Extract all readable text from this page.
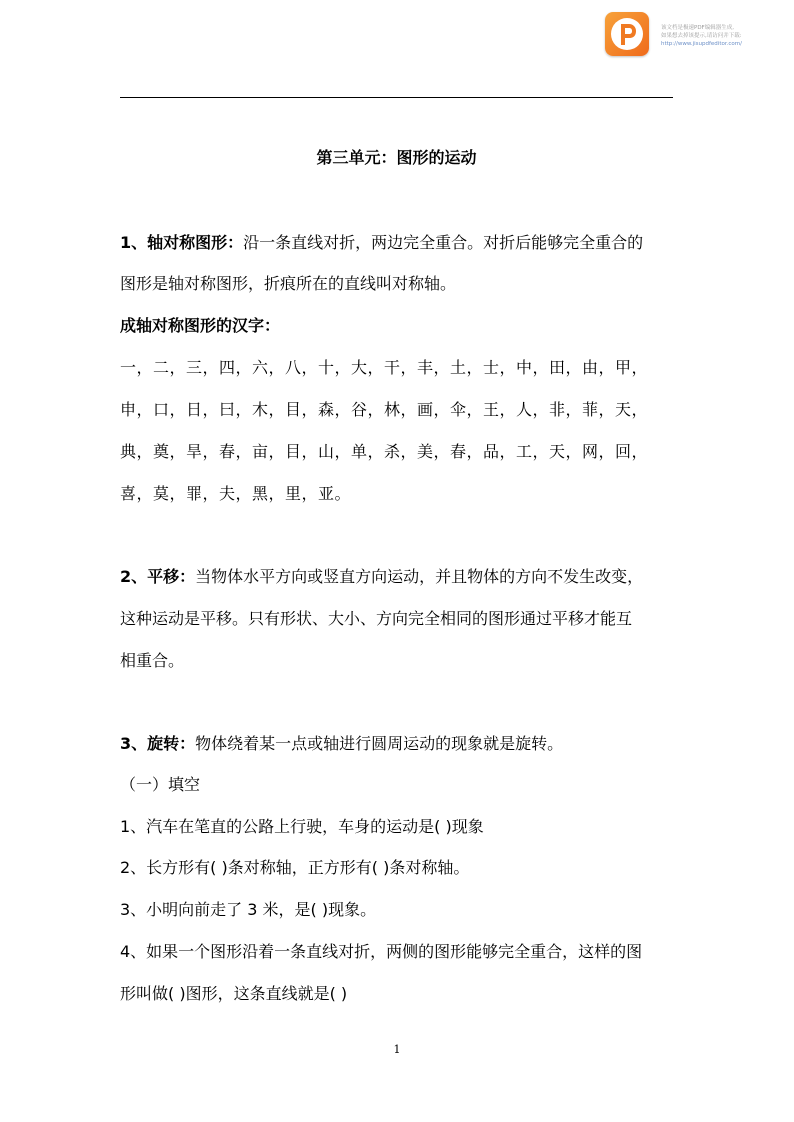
该文档是极速PDF编辑器生成,
如果想去掉该提示,请访问并下载:
http://www.jisupdfeditor.com/
第三单元：图形的运动
1、轴对称图形：沿一条直线对折，两边完全重合。对折后能够完全重合的
图形是轴对称图形，折痕所在的直线叫对称轴。
成轴对称图形的汉字：
一，二，三，四，六，八，十，大，干，丰，土，士，中，田，由，甲，
申，口，日，曰，木，目，森，谷，林，画，伞，王，人，非，菲，天，
典，奠，旱，春，亩，目，山，单，杀，美，春，品，工，天，网，回，
喜，莫，罪，夫，黑，里，亚。
2、平移：当物体水平方向或竖直方向运动，并且物体的方向不发生改变，
这种运动是平移。只有形状、大小、方向完全相同的图形通过平移才能互
相重合。
3、旋转：物体绕着某一点或轴进行圆周运动的现象就是旋转。
（一）填空
1、汽车在笔直的公路上行驶，车身的运动是( )现象
2、长方形有( )条对称轴，正方形有( )条对称轴。
3、小明向前走了 3 米，是( )现象。
4、如果一个图形沿着一条直线对折，两侧的图形能够完全重合，这样的图
形叫做( )图形，这条直线就是( )
1
